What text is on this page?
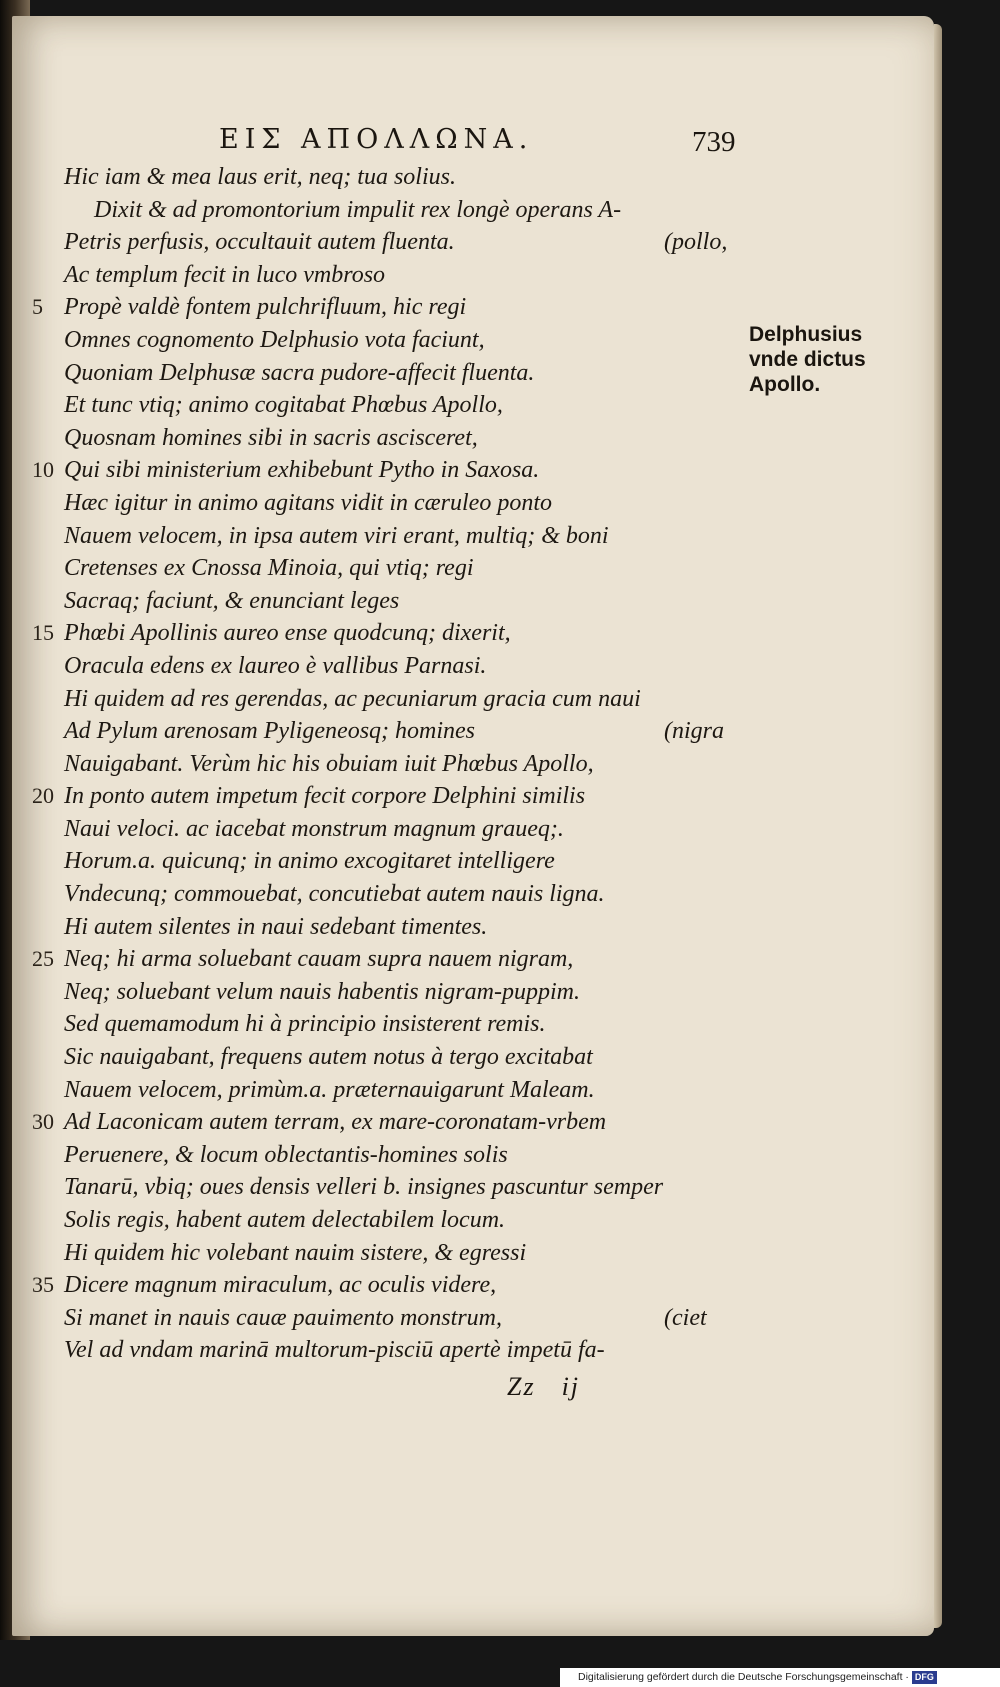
ΕΙΣ ΑΠΟΛΛΩΝΑ.	739
Hic iam & mea laus erit, neq; tua solius.
Dixit & ad promontorium impulit rex longè operans A-
Petris perfusis, occultauit autem fluenta.	(pollo,
Ac templum fecit in luco vmbroso
5 Propè valdè fontem pulchrifluum, hic regi
Omnes cognomento Delphusio vota faciunt,
Quoniam Delphusæ sacra pudore-affecit fluenta.
Et tunc vtiq; animo cogitabat Phœbus Apollo,
Quosnam homines sibi in sacris ascisceret,
10 Qui sibi ministerium exhibebunt Pytho in Saxosa.
Hæc igitur in animo agitans vidit in cæruleo ponto
Nauem velocem, in ipsa autem viri erant, multiq; & boni
Cretenses ex Cnossa Minoia, qui vtiq; regi
Sacraq; faciunt, & enunciant leges
15 Phœbi Apollinis aureo ense quodcunq; dixerit,
Oracula edens ex laureo è vallibus Parnasi.
Hi quidem ad res gerendas, ac pecuniarum gracia cum naui
Ad Pylum arenosam Pyligeneosq; homines	(nigra
Nauigabant. Verùm hic his obuiam iuit Phœbus Apollo,
20 In ponto autem impetum fecit corpore Delphini similis
Naui veloci. ac iacebat monstrum magnum graueq;.
Horum.a. quicunq; in animo excogitaret intelligere
Vndecunq; commouebat, concutiebat autem nauis ligna.
Hi autem silentes in naui sedebant timentes.
25 Neq; hi arma soluebant cauam supra nauem nigram,
Neq; soluebant velum nauis habentis nigram-puppim.
Sed quemamodum hi à principio insisterent remis.
Sic nauigabant, frequens autem notus à tergo excitabat
Nauem velocem, primùm.a. præternauigarunt Maleam.
30 Ad Laconicam autem terram, ex mare-coronatam-vrbem
Peruenere, & locum oblectantis-homines solis
Tanarū, vbiq; oues densis velleri b. insignes pascuntur semper
Solis regis, habent autem delectabilem locum.
Hi quidem hic volebant nauim sistere, & egressi
35 Dicere magnum miraculum, ac oculis videre,
Si manet in nauis cauæ pauimento monstrum,	(ciet
Vel ad vndam marinā multorum-pisciū apertè impetū fa-
Delphusius
vnde dictus
Apollo.
Zz ij
Digitalisierung gefördert durch die Deutsche Forschungsgemeinschaft · DFG
